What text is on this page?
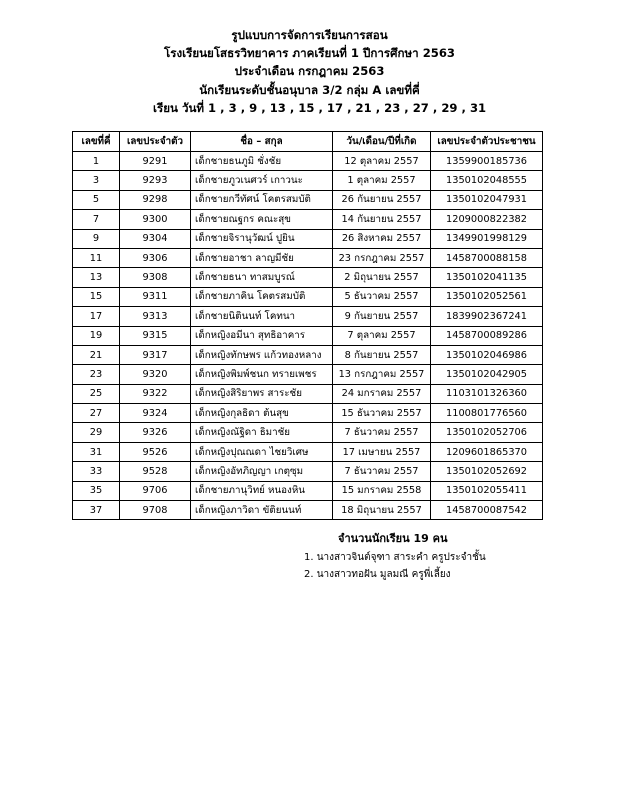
รูปแบบการจัดการเรียนการสอน
โรงเรียนยโสธรวิทยาคาร ภาคเรียนที่ 1 ปีการศึกษา 2563
ประจำเดือน กรกฎาคม 2563
นักเรียนระดับชั้นอนุบาล 3/2 กลุ่ม A เลขที่คี่
เรียน วันที่ 1 , 3 , 9 , 13 , 15 , 17 , 21 , 23 , 27 , 29 , 31
เลขที่คี่	เลขประจำตัว	ชื่อ – สกุล	วัน/เดือน/ปีที่เกิด	เลขประจำตัวประชาชน
1	9291	เด็กชายธนภูมิ ชั่งชัย	12 ตุลาคม 2557	1359900185736
3	9293	เด็กชายภูวเนศวร์ เกาวนะ	1 ตุลาคม 2557	1350102048555
5	9298	เด็กชายกวีทัศน์ โคตรสมบัติ	26 กันยายน 2557	1350102047931
7	9300	เด็กชายณฐกร คณะสุข	14 กันยายน 2557	1209000822382
9	9304	เด็กชายจิรานุวัฒน์ ปูยิน	26 สิงหาคม 2557	1349901998129
11	9306	เด็กชายอาชา ลาญมีชัย	23 กรกฎาคม 2557	1458700088158
13	9308	เด็กชายธนา ทาสมบูรณ์	2 มิถุนายน 2557	1350102041135
15	9311	เด็กชายภาคิน โคตรสมบัติ	5 ธันวาคม 2557	1350102052561
17	9313	เด็กชายนิตินนท์ โคทนา	9 กันยายน 2557	1839902367241
19	9315	เด็กหญิงอมีนา สุทธิอาคาร	7 ตุลาคม 2557	1458700089286
21	9317	เด็กหญิงทักษพร แก้วทองหลาง	8 กันยายน 2557	1350102046986
23	9320	เด็กหญิงพิมพ์ชนก ทรายเพชร	13 กรกฎาคม 2557	1350102042905
25	9322	เด็กหญิงสิริยาพร สาระชัย	24 มกราคม 2557	1103101326360
27	9324	เด็กหญิงกุลธิดา ต้นสุข	15 ธันวาคม 2557	1100801776560
29	9326	เด็กหญิงณัฐิดา ธิมาชัย	7 ธันวาคม 2557	1350102052706
31	9526	เด็กหญิงปุณณดา ไชยวิเศษ	17 เมษายน 2557	1209601865370
33	9528	เด็กหญิงอัทภิญญา เกตุซุม	7 ธันวาคม 2557	1350102052692
35	9706	เด็กชายภานุวิทย์ หนองหิน	15 มกราคม 2558	1350102055411
37	9708	เด็กหญิงภาวิดา ขัติยนนท์	18 มิถุนายน 2557	1458700087542
จำนวนนักเรียน 19 คน
1. นางสาวจินต์จุฑา สาระคำ ครูประจำชั้น
2. นางสาวทอฝัน มูลมณี ครูพี่เลี้ยง
